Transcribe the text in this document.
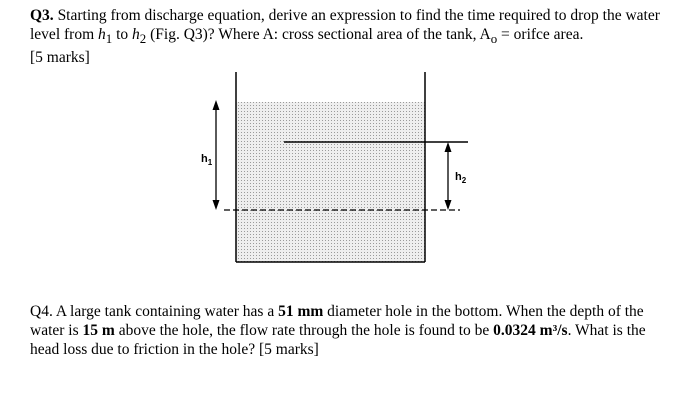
Q3. Starting from discharge equation, derive an expression to find the time required to drop the water level from $h_1$ to $h_2$ (Fig. Q3)? Where A: cross sectional area of the tank, $A_o$ = orifce area.
[5 marks]
$h_1$
$h_2$
Q4. A large tank containing water has a 51 mm diameter hole in the bottom. When the depth of the water is 15 m above the hole, the flow rate through the hole is found to be 0.0324 m³/s. What is the head loss due to friction in the hole? [5 marks]
